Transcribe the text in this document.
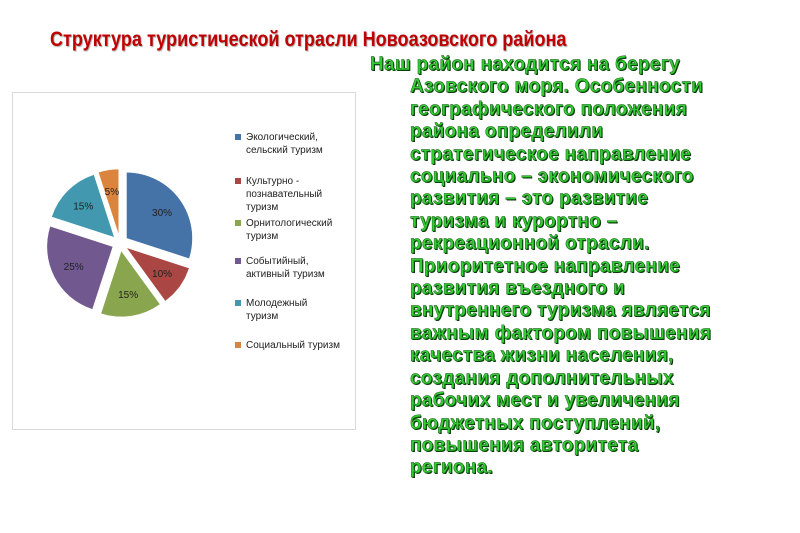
Структура туристической отрасли Новоазовского района
30%
10%
15%
25%
15%
5%
Экологический,
сельский туризм
Культурно -
познавательный
туризм
Орнитологический
туризм
Событийный,
активный туризм
Молодежный
туризм
Социальный туризм

Наш район находится на берегу
Азовского моря. Особенности
географического положения
района определили
стратегическое направление
социально – экономического
развития – это развитие
туризма и курортно –
рекреационной отрасли.
Приоритетное направление
развития въездного и
внутреннего туризма является
важным фактором повышения
качества жизни населения,
создания дополнительных
рабочих мест и увеличения
бюджетных поступлений,
повышения авторитета
региона.
